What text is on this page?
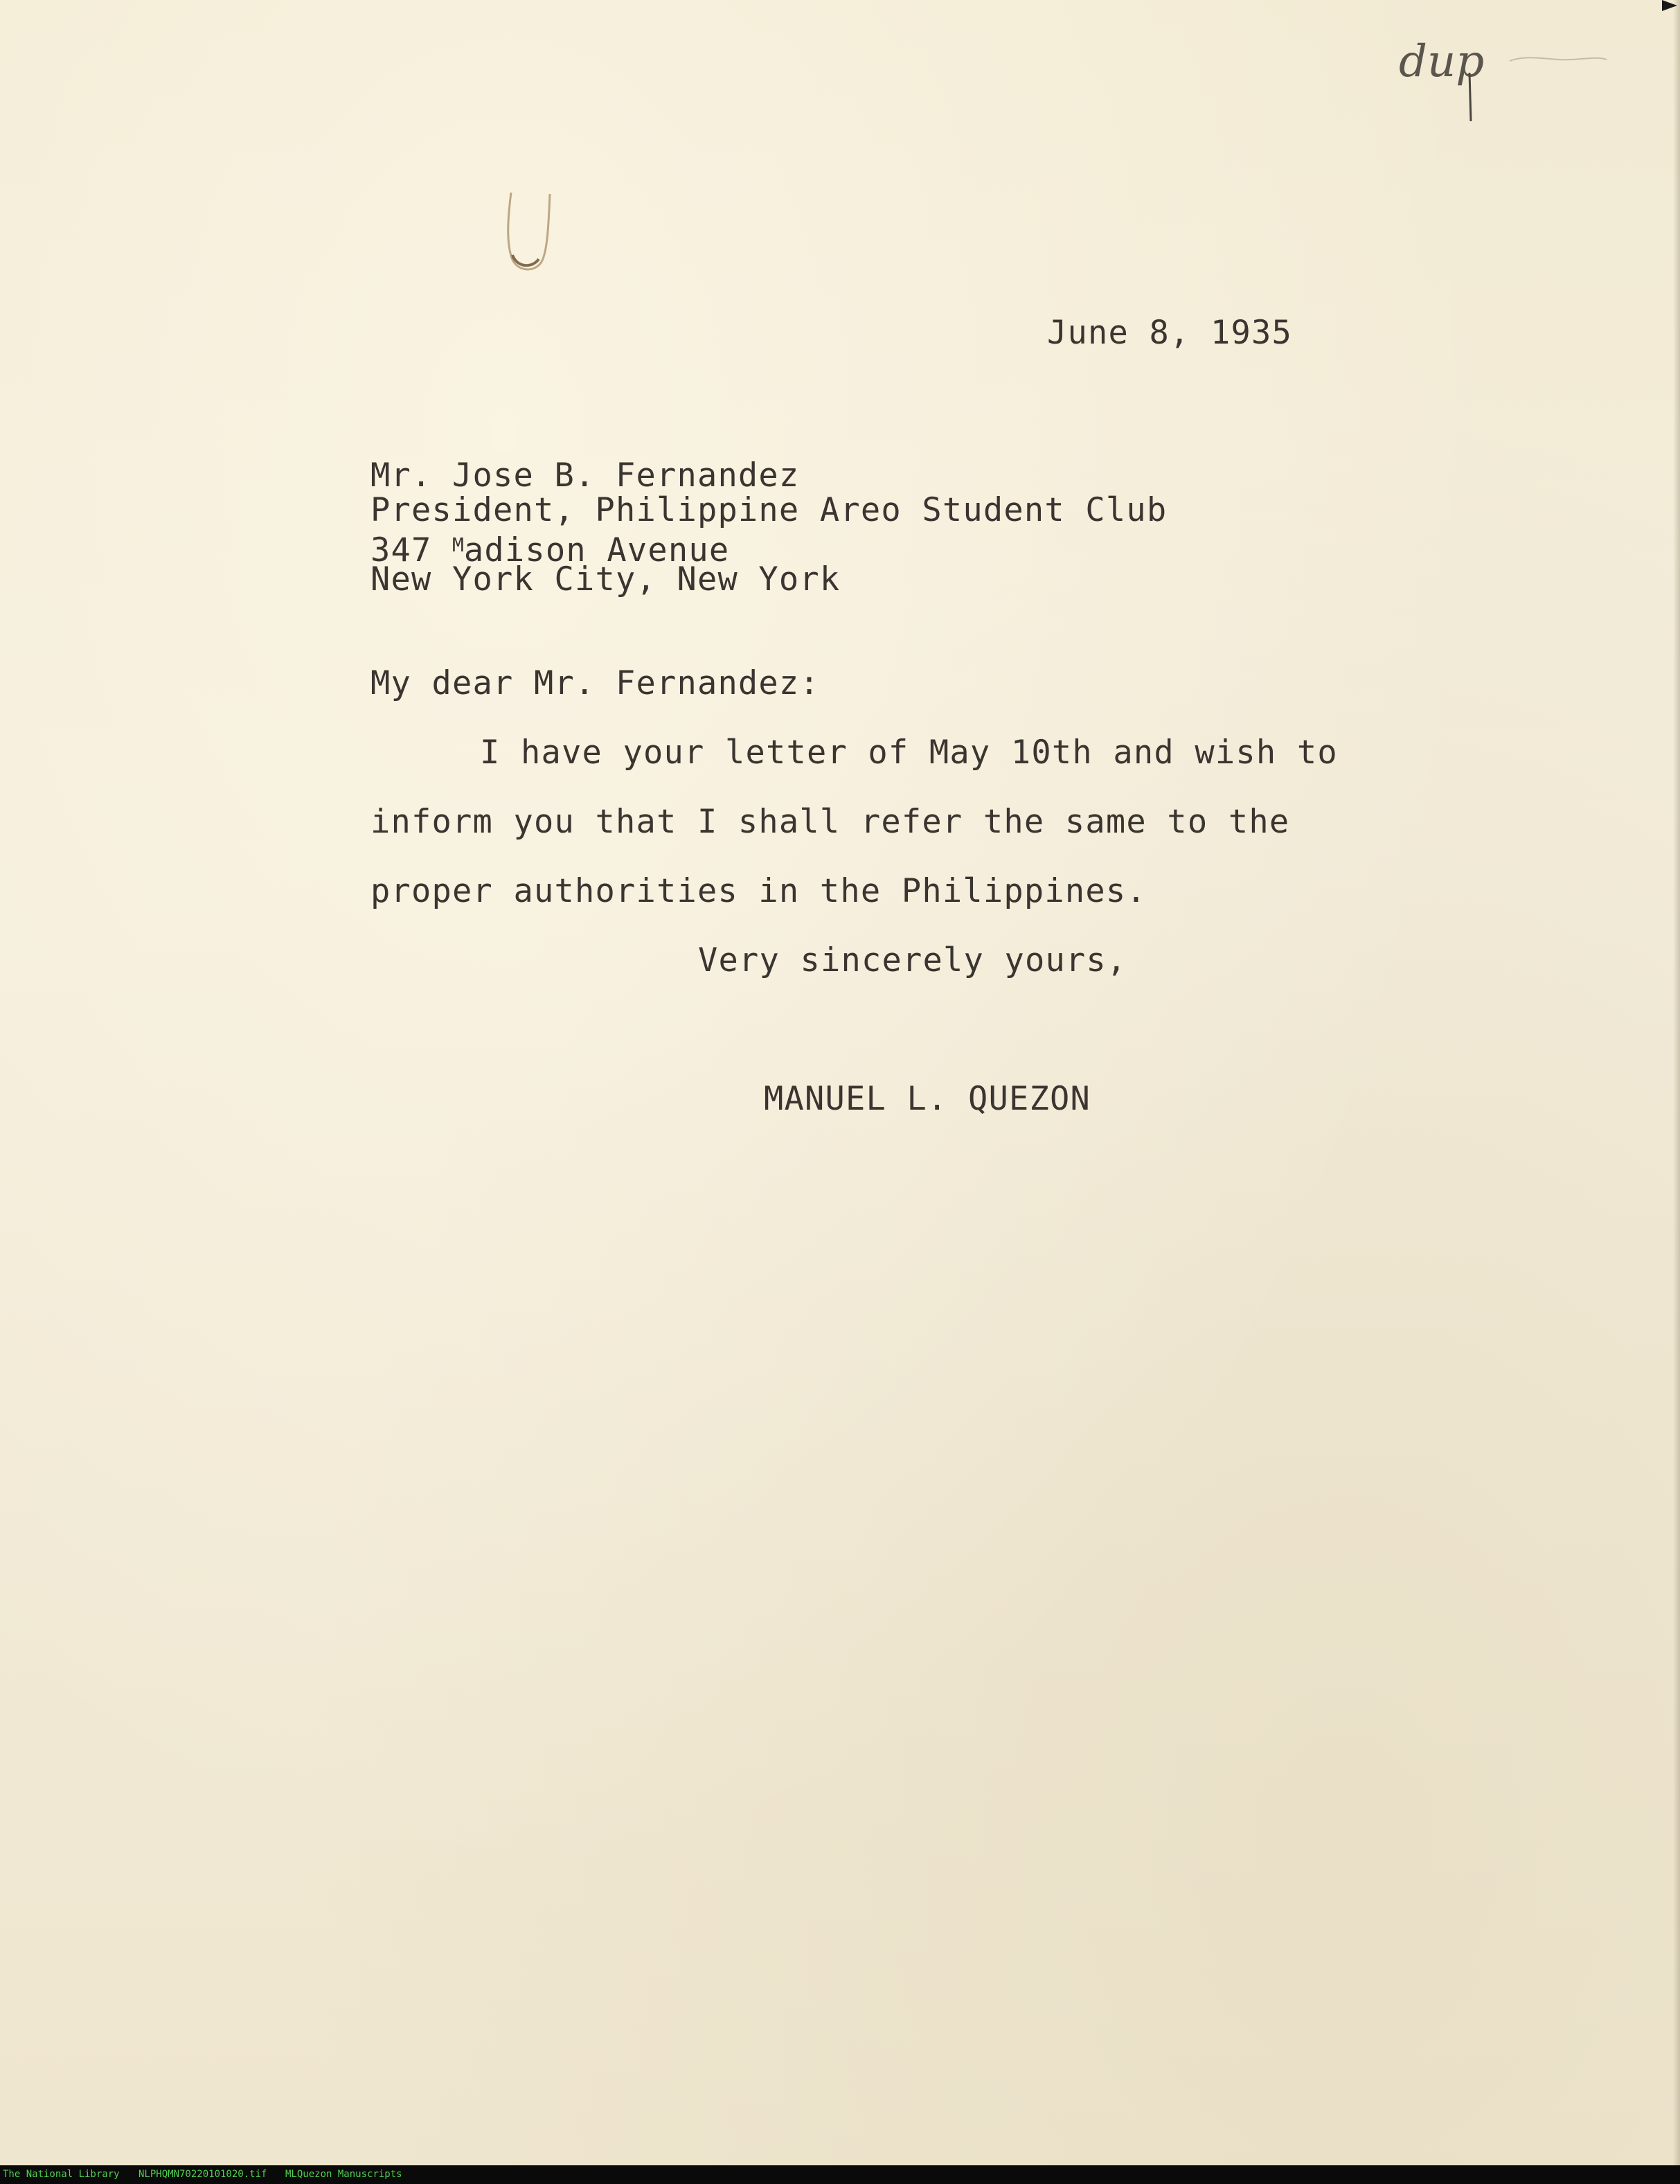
dup
June 8, 1935
Mr. Jose B. Fernandez
President, Philippine Areo Student Club
347 $^M$adison Avenue
New York City, New York
My dear Mr. Fernandez:
I have your letter of May 10th and wish to
inform you that I shall refer the same to the
proper authorities in the Philippines.
Very sincerely yours,
MANUEL L. QUEZON
The National Library NLPHQMN70220101020.tif MLQuezon Manuscripts
